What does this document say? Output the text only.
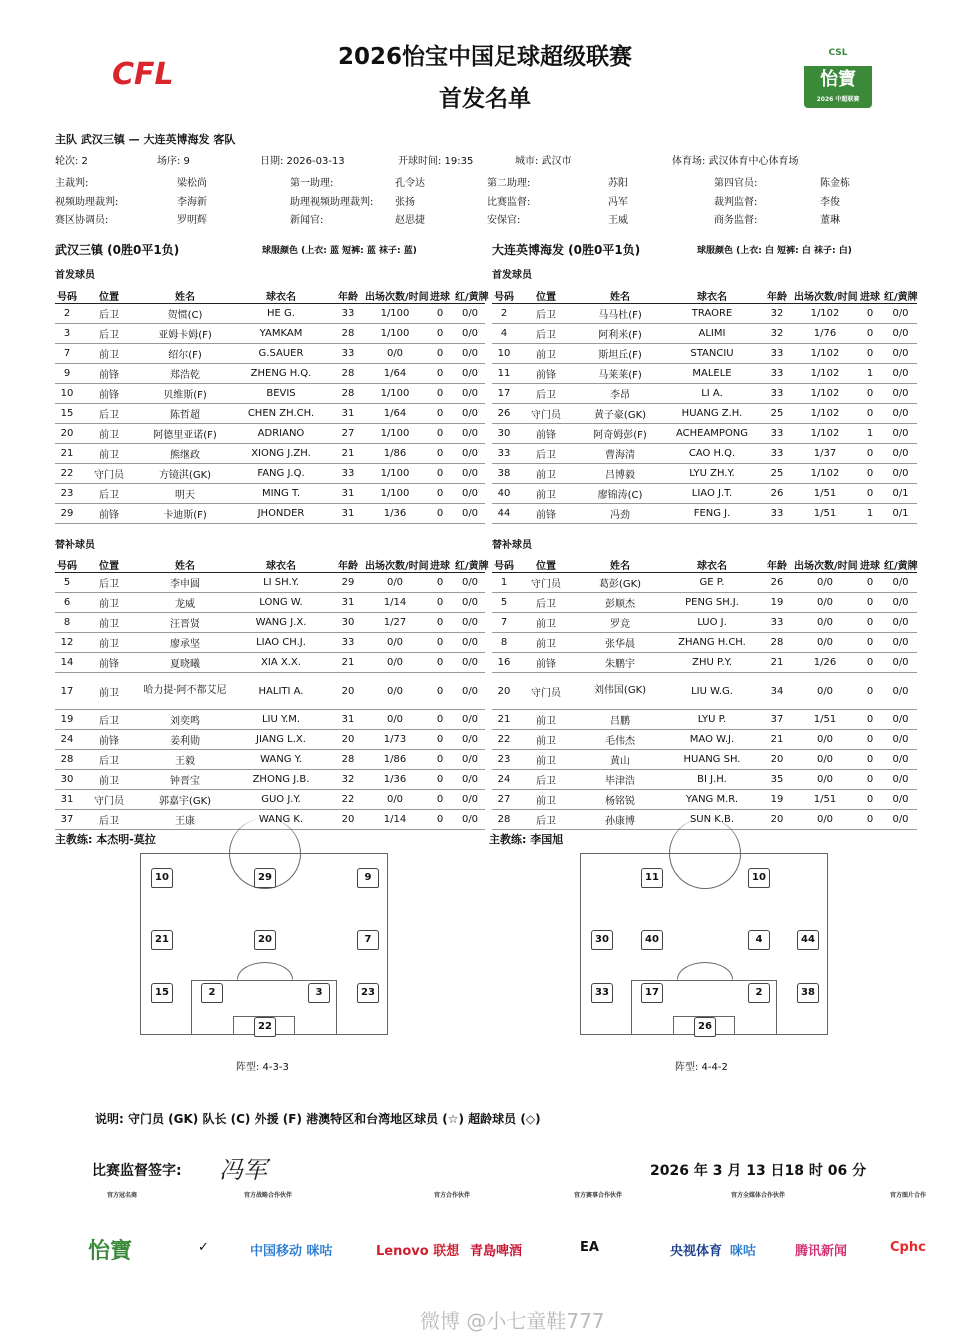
CFL	2026怡宝中国足球超级联赛
首发名单
CSL
怡寶
2026 中超联赛
主队 武汉三镇 — 大连英博海发 客队
轮次: 2	场序: 9	日期: 2026-03-13	开球时间: 19:35	城市: 武汉市	体育场: 武汉体育中心体育场
主裁判:	梁松尚	第一助理:	孔令达	第二助理:	苏阳	第四官员:	陈金栋
视频助理裁判:	李海新	助理视频助理裁判: 张扬	比赛监督:	冯军	裁判监督:	李俊
赛区协调员:	罗明辉	新闻官:	赵思捷	安保官:	王威	商务监督:	董琳
武汉三镇 (0胜0平1负)	球服颜色 (上衣: 蓝 短裤: 蓝 袜子: 蓝)	大连英博海发 (0胜0平1负)	球服颜色 (上衣: 白 短裤: 白 袜子: 白)
首发球员	首发球员
号码	位置	姓名	球衣名	年龄	出场次数/时间	进球	红/黄牌
2	后卫	贺惯(C)	HE G.	33	1/100	0	0/0
3	后卫	亚姆卡姆(F)	YAMKAM	28	1/100	0	0/0
7	前卫	绍尔(F)	G.SAUER	33	0/0	0	0/0
9	前锋	郑浩乾	ZHENG H.Q.	28	1/64	0	0/0
10	前锋	贝维斯(F)	BEVIS	28	1/100	0	0/0
15	后卫	陈哲超	CHEN ZH.CH.	31	1/64	0	0/0
20	前卫	阿德里亚诺(F)	ADRIANO	27	1/100	0	0/0
21	前卫	熊继政	XIONG J.ZH.	21	1/86	0	0/0
22	守门员	方镜淇(GK)	FANG J.Q.	33	1/100	0	0/0
23	后卫	明天	MING T.	31	1/100	0	0/0
29	前锋	卡迪斯(F)	JHONDER	31	1/36	0	0/0
号码	位置	姓名	球衣名	年龄	出场次数/时间	进球	红/黄牌
2	后卫	马马杜(F)	TRAORE	32	1/102	0	0/0
4	后卫	阿利米(F)	ALIMI	32	1/76	0	0/0
10	前卫	斯坦丘(F)	STANCIU	33	1/102	0	0/0
11	前锋	马莱莱(F)	MALELE	33	1/102	1	0/0
17	后卫	李昂	LI A.	33	1/102	0	0/0
26	守门员	黄子豪(GK)	HUANG Z.H.	25	1/102	0	0/0
30	前锋	阿奇姆彭(F)	ACHEAMPONG	33	1/102	1	0/0
33	后卫	曹海清	CAO H.Q.	33	1/37	0	0/0
38	前卫	吕博毅	LYU ZH.Y.	25	1/102	0	0/0
40	前卫	廖锦涛(C)	LIAO J.T.	26	1/51	0	0/1
44	前锋	冯劲	FENG J.	33	1/51	1	0/1
替补球员	替补球员
号码	位置	姓名	球衣名	年龄	出场次数/时间	进球	红/黄牌
5	后卫	李申圆	LI SH.Y.	29	0/0	0	0/0
6	前卫	龙威	LONG W.	31	1/14	0	0/0
8	前卫	汪晋贤	WANG J.X.	30	1/27	0	0/0
12	前卫	廖承坚	LIAO CH.J.	33	0/0	0	0/0
14	前锋	夏晓曦	XIA X.X.	21	0/0	0	0/0
17	前卫	哈力提·阿不都艾尼	HALITI A.	20	0/0	0	0/0
19	后卫	刘奕鸣	LIU Y.M.	31	0/0	0	0/0
24	前锋	姜利勋	JIANG L.X.	20	1/73	0	0/0
28	后卫	王毅	WANG Y.	28	1/86	0	0/0
30	前卫	钟晋宝	ZHONG J.B.	32	1/36	0	0/0
31	守门员	郭嘉宇(GK)	GUO J.Y.	22	0/0	0	0/0
37	后卫	王康	WANG K.	20	1/14	0	0/0
号码	位置	姓名	球衣名	年龄	出场次数/时间	进球	红/黄牌
1	守门员	葛彭(GK)	GE P.	26	0/0	0	0/0
5	后卫	彭顺杰	PENG SH.J.	19	0/0	0	0/0
7	前卫	罗竞	LUO J.	33	0/0	0	0/0
8	前卫	张华晨	ZHANG H.CH.	28	0/0	0	0/0
16	前锋	朱鹏宇	ZHU P.Y.	21	1/26	0	0/0
20	守门员	刘伟国(GK)	LIU W.G.	34	0/0	0	0/0
21	前卫	吕鹏	LYU P.	37	1/51	0	0/0
22	前卫	毛伟杰	MAO W.J.	21	0/0	0	0/0
23	前卫	黄山	HUANG SH.	20	0/0	0	0/0
24	后卫	毕津浩	BI J.H.	35	0/0	0	0/0
27	前卫	杨铭锐	YANG M.R.	19	1/51	0	0/0
28	后卫	孙康博	SUN K.B.	20	0/0	0	0/0
主教练: 本杰明-莫拉	主教练: 李国旭
10	29	9
21	20	7
15	2	3	23
22
11	10
30	40	4	44
33	17	2	38
26
阵型: 4-3-3	阵型: 4-4-2
说明: 守门员 (GK) 队长 (C) 外援 (F) 港澳特区和台湾地区球员 (☆) 超龄球员 (◇)
比赛监督签字: 冯军	2026 年 3 月 13 日18 时 06 分
官方冠名商	官方战略合作伙伴	官方合作伙伴	官方赛事合作伙伴	官方全媒体合作伙伴	官方图片合作
怡寶	✓	中国移动 咪咕	Lenovo 联想 青島啤酒	EA	央视体育 咪咕	腾讯新闻	Cphc
微博 @小七童鞋777
